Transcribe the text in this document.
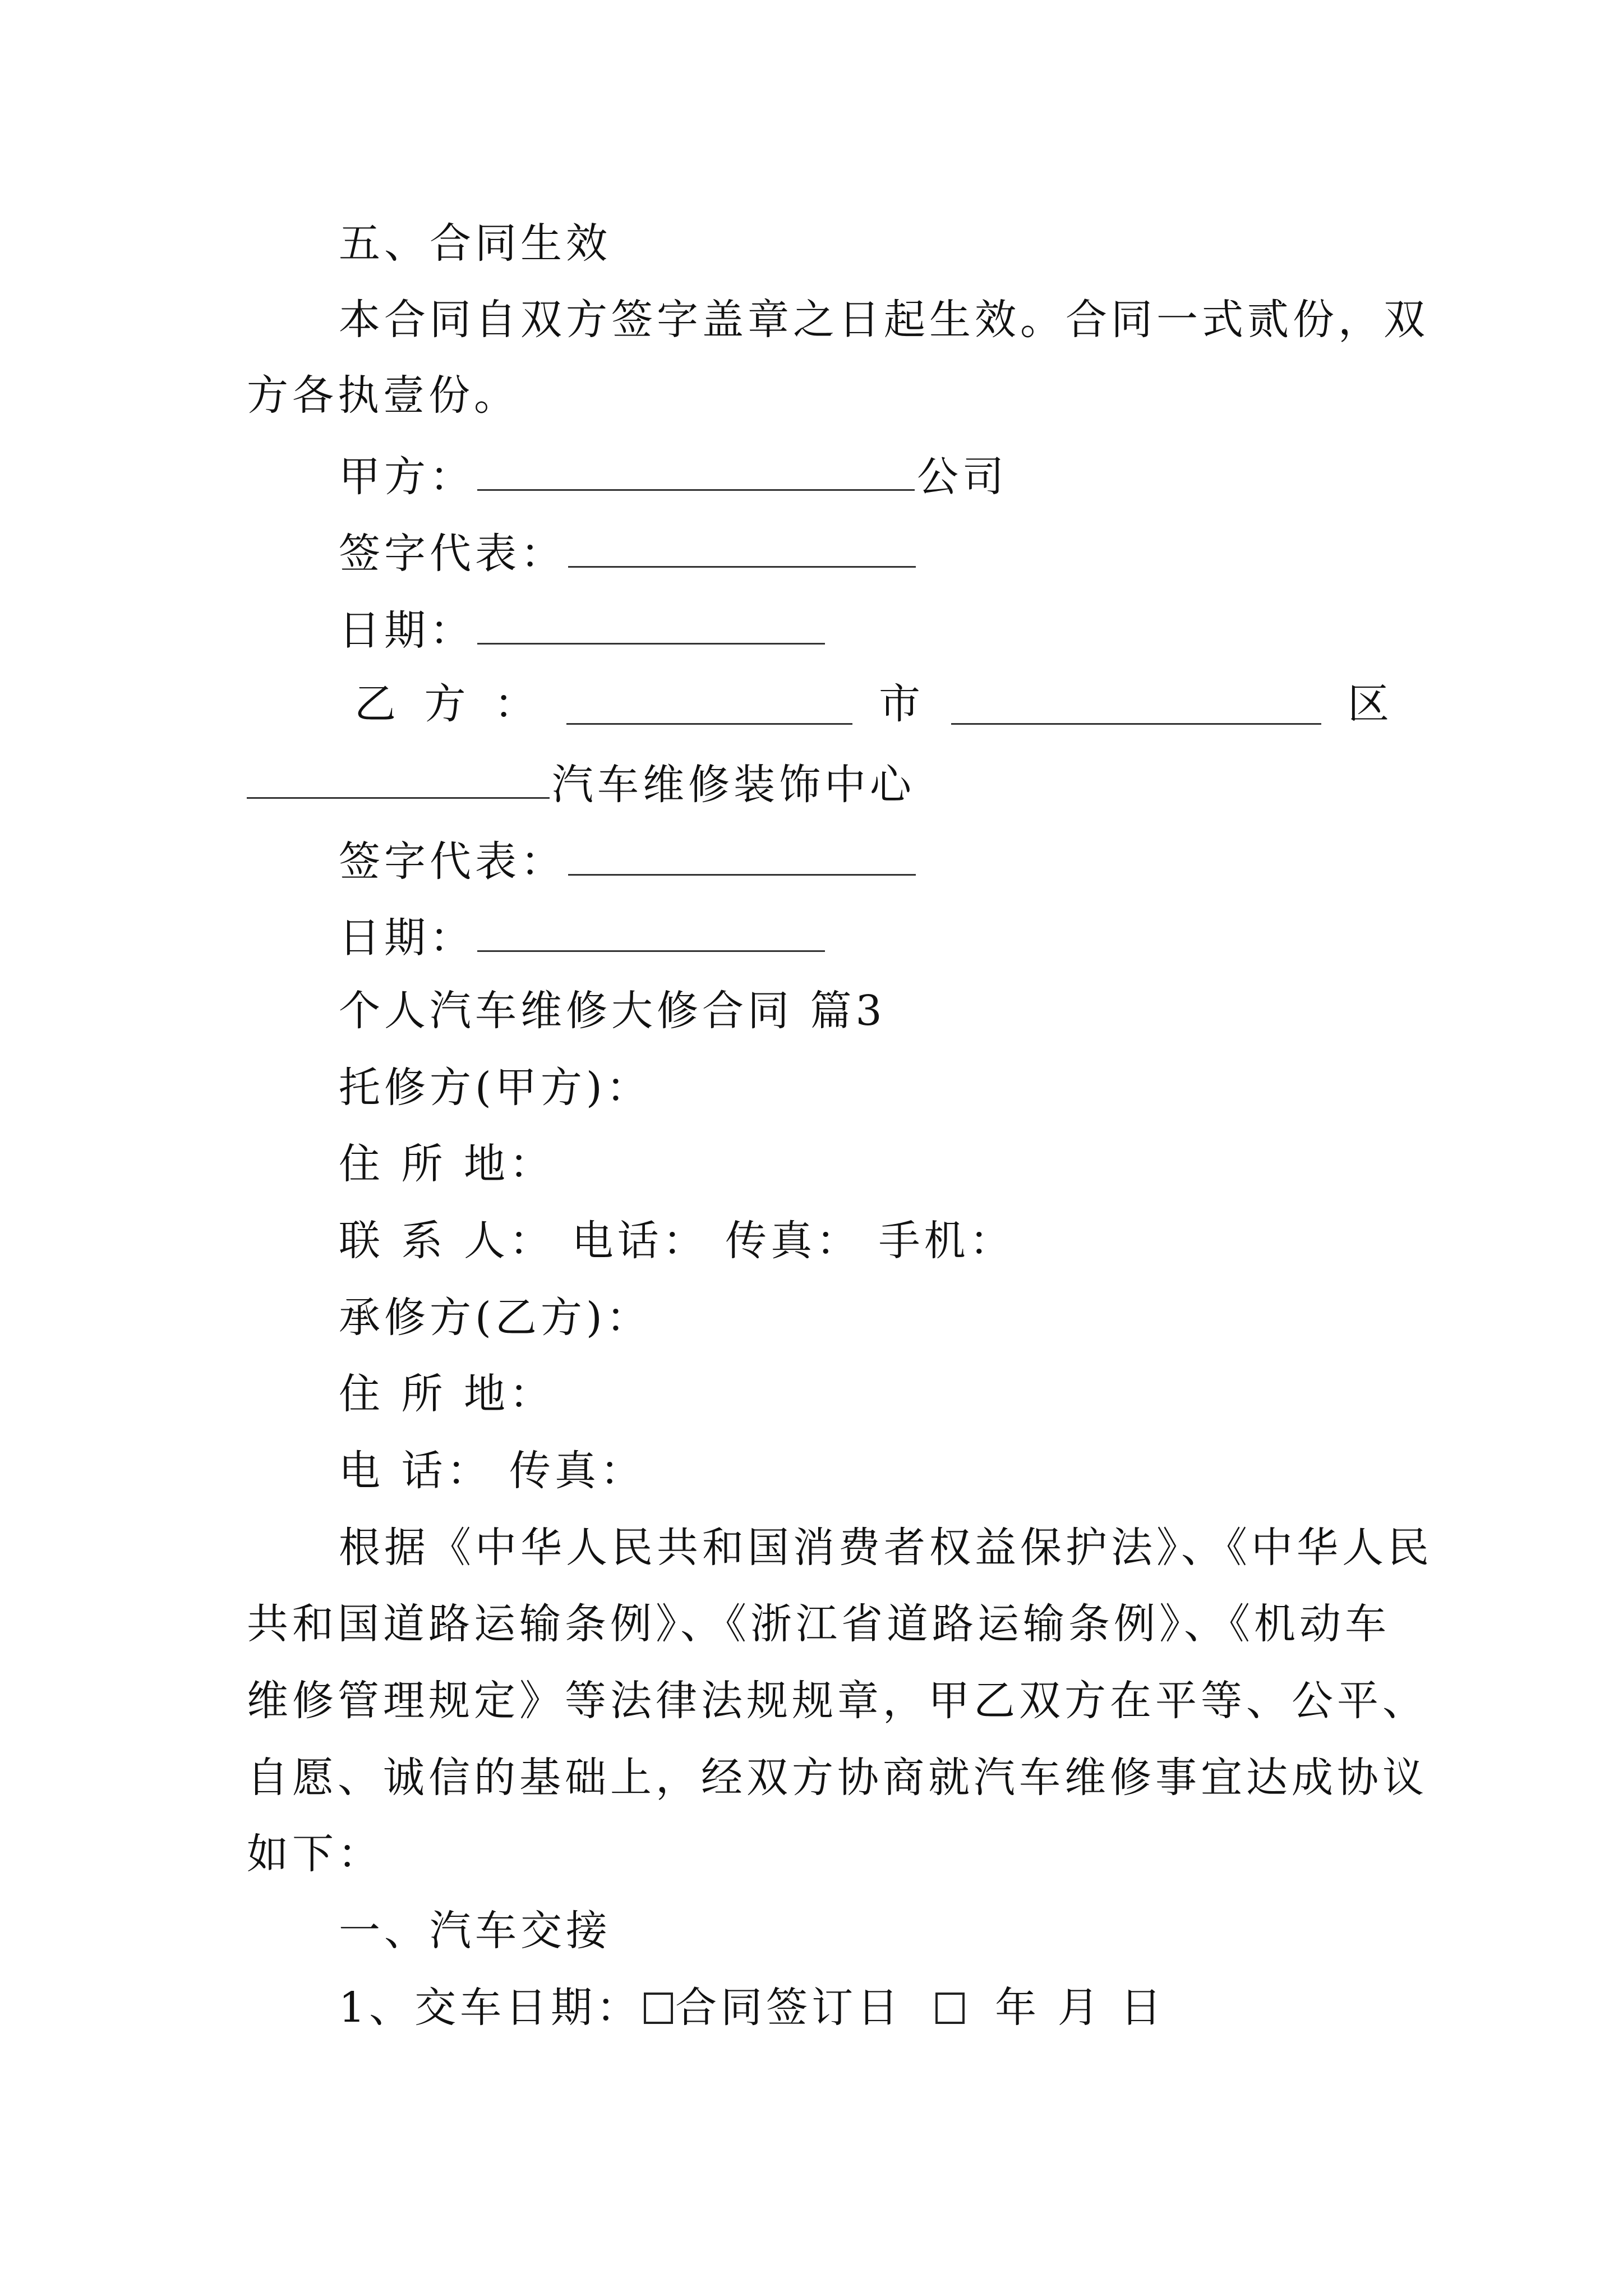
五、合同生效
本合同自双方签字盖章之日起生效。合同一式贰份，双
方各执壹份。
甲方：	公司
签字代表：
日期：
乙 方 ：	市	区
汽车维修装饰中心
签字代表：
日期：
个人汽车维修大修合同 篇3
托修方(甲方)：
住 所 地：
联 系 人： 电话： 传真： 手机：
承修方(乙方)：
住 所 地：
电 话： 传真：
根据《中华人民共和国消费者权益保护法》、《中华人民
共和国道路运输条例》、《浙江省道路运输条例》、《机动车
维修管理规定》等法律法规规章，甲乙双方在平等、公平、
自愿、诚信的基础上，经双方协商就汽车维修事宜达成协议
如下：
一、汽车交接
1、交车日期： 合同签订日 年 月 日
